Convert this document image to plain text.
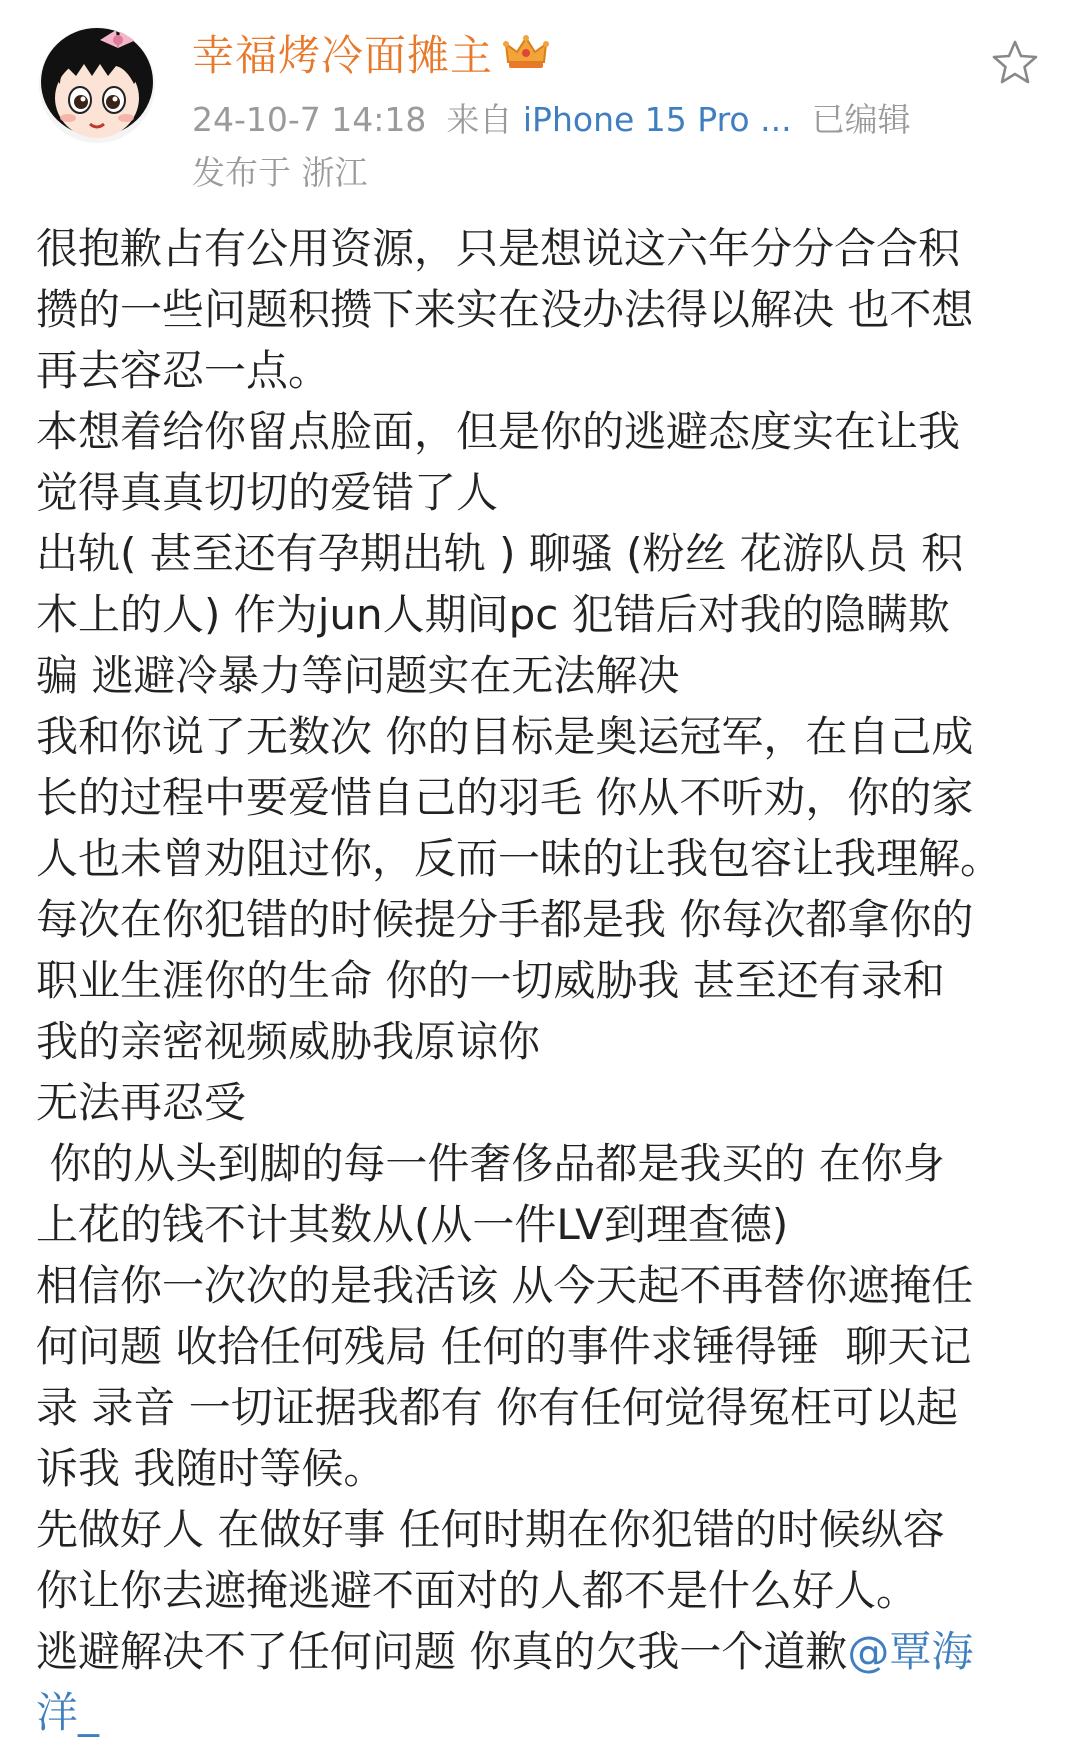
幸福烤冷面摊主
24-10-7 14:18 来自 iPhone 15 Pro ... 已编辑
发布于 浙江
很抱歉占有公用资源，只是想说这六年分分合合积
攒的一些问题积攒下来实在没办法得以解决 也不想
再去容忍一点。
本想着给你留点脸面，但是你的逃避态度实在让我
觉得真真切切的爱错了人
出轨( 甚至还有孕期出轨 ) 聊骚 (粉丝 花游队员 积
木上的人) 作为jun人期间pc 犯错后对我的隐瞒欺
骗 逃避冷暴力等问题实在无法解决
我和你说了无数次 你的目标是奥运冠军，在自己成
长的过程中要爱惜自己的羽毛 你从不听劝，你的家
人也未曾劝阻过你，反而一昧的让我包容让我理解。
每次在你犯错的时候提分手都是我 你每次都拿你的
职业生涯你的生命 你的一切威胁我 甚至还有录和
我的亲密视频威胁我原谅你
无法再忍受
你的从头到脚的每一件奢侈品都是我买的 在你身
上花的钱不计其数从(从一件LV到理查德)
相信你一次次的是我活该 从今天起不再替你遮掩任
何问题 收拾任何残局 任何的事件求锤得锤  聊天记
录 录音 一切证据我都有 你有任何觉得冤枉可以起
诉我 我随时等候。
先做好人 在做好事 任何时期在你犯错的时候纵容
你让你去遮掩逃避不面对的人都不是什么好人。
逃避解决不了任何问题 你真的欠我一个道歉@覃海
洋_
